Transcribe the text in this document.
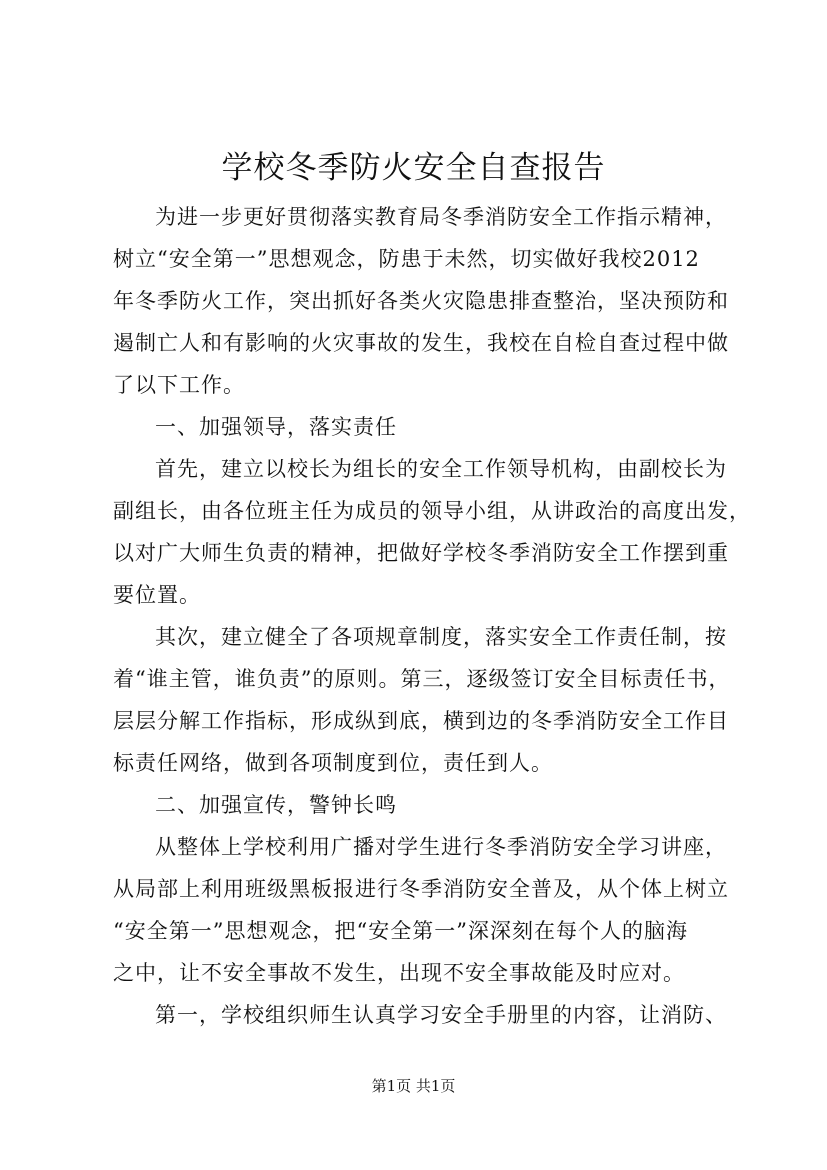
学校冬季防火安全自查报告
为进一步更好贯彻落实教育局冬季消防安全工作指示精神，
树立“安全第一”思想观念，防患于未然，切实做好我校2012
年冬季防火工作，突出抓好各类火灾隐患排查整治，坚决预防和
遏制亡人和有影响的火灾事故的发生，我校在自检自查过程中做
了以下工作。
一、加强领导，落实责任
首先，建立以校长为组长的安全工作领导机构，由副校长为
副组长，由各位班主任为成员的领导小组，从讲政治的高度出发，
以对广大师生负责的精神，把做好学校冬季消防安全工作摆到重
要位置。
其次，建立健全了各项规章制度，落实安全工作责任制，按
着“谁主管，谁负责”的原则。第三，逐级签订安全目标责任书，
层层分解工作指标，形成纵到底，横到边的冬季消防安全工作目
标责任网络，做到各项制度到位，责任到人。
二、加强宣传，警钟长鸣
从整体上学校利用广播对学生进行冬季消防安全学习讲座，
从局部上利用班级黑板报进行冬季消防安全普及，从个体上树立
“安全第一”思想观念，把“安全第一”深深刻在每个人的脑海
之中，让不安全事故不发生，出现不安全事故能及时应对。
第一，学校组织师生认真学习安全手册里的内容，让消防、

第1页 共1页
